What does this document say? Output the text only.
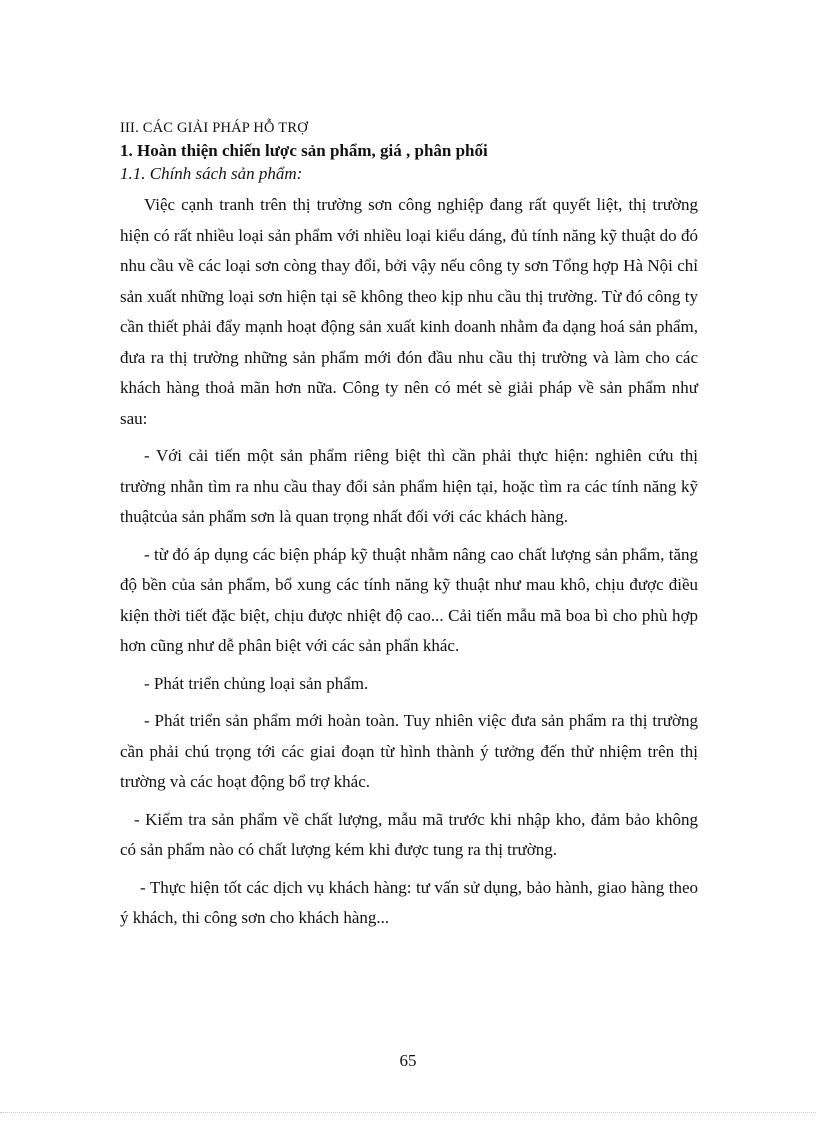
III. CÁC GIẢI PHÁP HỖ TRỢ

1. Hoàn thiện chiến lược sản phẩm, giá , phân phối

1.1. Chính sách sản phẩm:

Việc cạnh tranh trên thị trường sơn công nghiệp đang rất quyết liệt, thị trường hiện có rất nhiều loại sản phẩm với nhiều loại kiểu dáng, đủ tính năng kỹ thuật do đó nhu cầu về các loại sơn còng thay đổi, bởi vậy nếu công ty sơn Tổng hợp Hà Nội chỉ sản xuất những loại sơn hiện tại sẽ không theo kịp nhu cầu thị trường. Từ đó công ty cần thiết phải đẩy mạnh hoạt động sản xuất kinh doanh nhằm đa dạng hoá sản phẩm, đưa ra thị trường những sản phẩm mới đón đầu nhu cầu thị trường và làm cho các khách hàng thoả mãn hơn nữa. Công ty nên có mét sè giải pháp về sản phẩm như sau:

- Với cải tiến một sản phẩm riêng biệt thì cần phải thực hiện: nghiên cứu thị trường nhằn tìm ra nhu cầu thay đổi sản phẩm hiện tại, hoặc tìm ra các tính năng kỹ thuậtcủa sản phẩm sơn là quan trọng nhất đối với các khách hàng.

- từ đó áp dụng các biện pháp kỹ thuật nhằm nâng cao chất lượng sản phẩm, tăng độ bền của sản phẩm, bổ xung các tính năng kỹ thuật như mau khô, chịu được điều kiện thời tiết đặc biệt, chịu được nhiệt độ cao... Cải tiến mẫu mã boa bì cho phù hợp hơn cũng như dễ phân biệt với các sản phẩn khác.

- Phát triển chủng loại sản phẩm.

- Phát triển sản phẩm mới hoàn toàn. Tuy nhiên việc đưa sản phẩm ra thị trường cần phải chú trọng tới các giai đoạn từ hình thành ý tưởng đến thử nhiệm trên thị trường và các hoạt động bổ trợ khác.

- Kiểm tra sản phẩm về chất lượng, mẫu mã trước khi nhập kho, đảm bảo không có sản phẩm nào có chất lượng kém khi được tung ra thị trường.

- Thực hiện tốt các dịch vụ khách hàng: tư vấn sử dụng, bảo hành, giao hàng theo ý khách, thi công sơn cho khách hàng...

65
